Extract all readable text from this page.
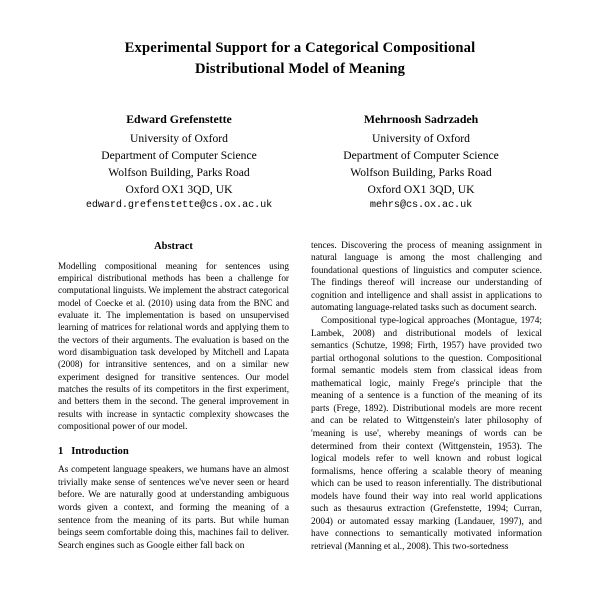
Experimental Support for a Categorical Compositional
Distributional Model of Meaning
Edward Grefenstette
University of Oxford
Department of Computer Science
Wolfson Building, Parks Road
Oxford OX1 3QD, UK
edward.grefenstette@cs.ox.ac.uk
Mehrnoosh Sadrzadeh
University of Oxford
Department of Computer Science
Wolfson Building, Parks Road
Oxford OX1 3QD, UK
mehrs@cs.ox.ac.uk
Abstract

Modelling compositional meaning for sentences using empirical distributional methods has been a challenge for computational linguists. We implement the abstract categorical model of Coecke et al. (2010) using data from the BNC and evaluate it. The implementation is based on unsupervised learning of matrices for relational words and applying them to the vectors of their arguments. The evaluation is based on the word disambiguation task developed by Mitchell and Lapata (2008) for intransitive sentences, and on a similar new experiment designed for transitive sentences. Our model matches the results of its competitors in the first experiment, and betters them in the second. The general improvement in results with increase in syntactic complexity showcases the compositional power of our model.

1 Introduction

As competent language speakers, we humans have an almost trivially make sense of sentences we've never seen or heard before. We are naturally good at understanding ambiguous words given a context, and forming the meaning of a sentence from the meaning of its parts. But while human beings seem comfortable doing this, machines fail to deliver. Search engines such as Google either fall back on

tences. Discovering the process of meaning assignment in natural language is among the most challenging and foundational questions of linguistics and computer science. The findings thereof will increase our understanding of cognition and intelligence and shall assist in applications to automating language-related tasks such as document search.

Compositional type-logical approaches (Montague, 1974; Lambek, 2008) and distributional models of lexical semantics (Schutze, 1998; Firth, 1957) have provided two partial orthogonal solutions to the question. Compositional formal semantic models stem from classical ideas from mathematical logic, mainly Frege's principle that the meaning of a sentence is a function of the meaning of its parts (Frege, 1892). Distributional models are more recent and can be related to Wittgenstein's later philosophy of 'meaning is use', whereby meanings of words can be determined from their context (Wittgenstein, 1953). The logical models refer to well known and robust logical formalisms, hence offering a scalable theory of meaning which can be used to reason inferentially. The distributional models have found their way into real world applications such as thesaurus extraction (Grefenstette, 1994; Curran, 2004) or automated essay marking (Landauer, 1997), and have connections to semantically motivated information retrieval (Manning et al., 2008). This two-sortedness
